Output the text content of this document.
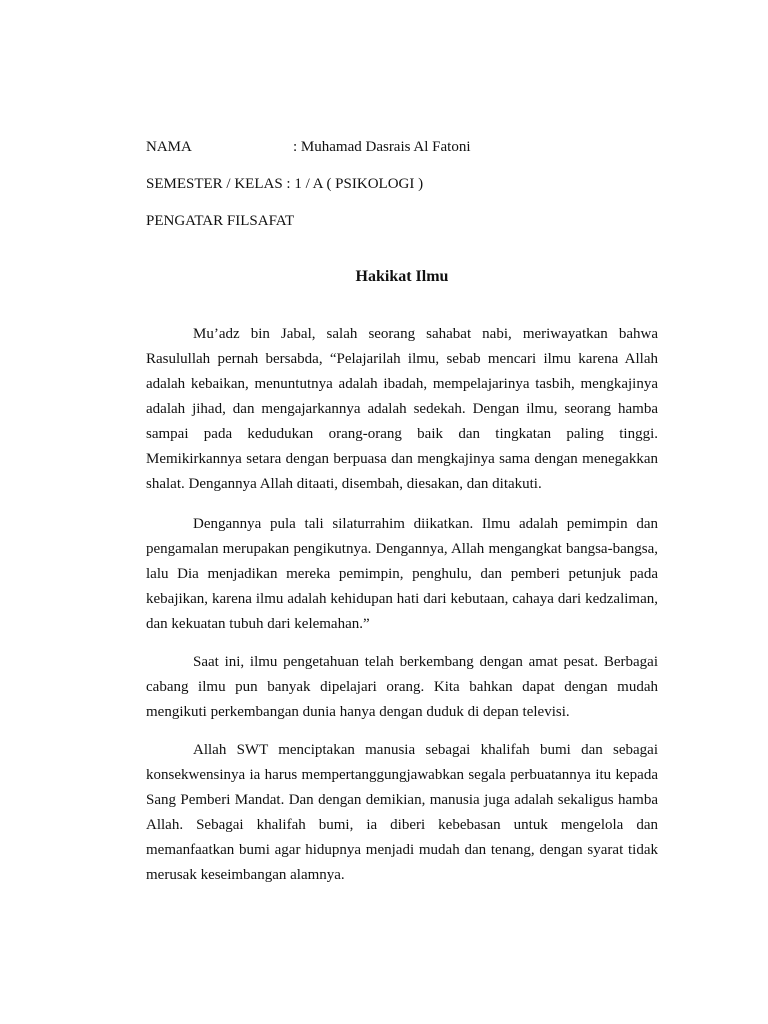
NAMA	: Muhamad Dasrais Al Fatoni
SEMESTER / KELAS : 1 / A ( PSIKOLOGI )
PENGATAR FILSAFAT
Hakikat Ilmu

Mu’adz bin Jabal, salah seorang sahabat nabi, meriwayatkan bahwa Rasulullah pernah bersabda, “Pelajarilah ilmu, sebab mencari ilmu karena Allah adalah kebaikan, menuntutnya adalah ibadah, mempelajarinya tasbih, mengkajinya adalah jihad, dan mengajarkannya adalah sedekah. Dengan ilmu, seorang hamba sampai pada kedudukan orang-orang baik dan tingkatan paling tinggi. Memikirkannya setara dengan berpuasa dan mengkajinya sama dengan menegakkan shalat. Dengannya Allah ditaati, disembah, diesakan, dan ditakuti.

Dengannya pula tali silaturrahim diikatkan. Ilmu adalah pemimpin dan pengamalan merupakan pengikutnya. Dengannya, Allah mengangkat bangsa-bangsa, lalu Dia menjadikan mereka pemimpin, penghulu, dan pemberi petunjuk pada kebajikan, karena ilmu adalah kehidupan hati dari kebutaan, cahaya dari kedzaliman, dan kekuatan tubuh dari kelemahan.”

Saat ini, ilmu pengetahuan telah berkembang dengan amat pesat. Berbagai cabang ilmu pun banyak dipelajari orang. Kita bahkan dapat dengan mudah mengikuti perkembangan dunia hanya dengan duduk di depan televisi.

Allah SWT menciptakan manusia sebagai khalifah bumi dan sebagai konsekwensinya ia harus mempertanggungjawabkan segala perbuatannya itu kepada Sang Pemberi Mandat. Dan dengan demikian, manusia juga adalah sekaligus hamba Allah. Sebagai khalifah bumi, ia diberi kebebasan untuk mengelola dan memanfaatkan bumi agar hidupnya menjadi mudah dan tenang, dengan syarat tidak merusak keseimbangan alamnya.
